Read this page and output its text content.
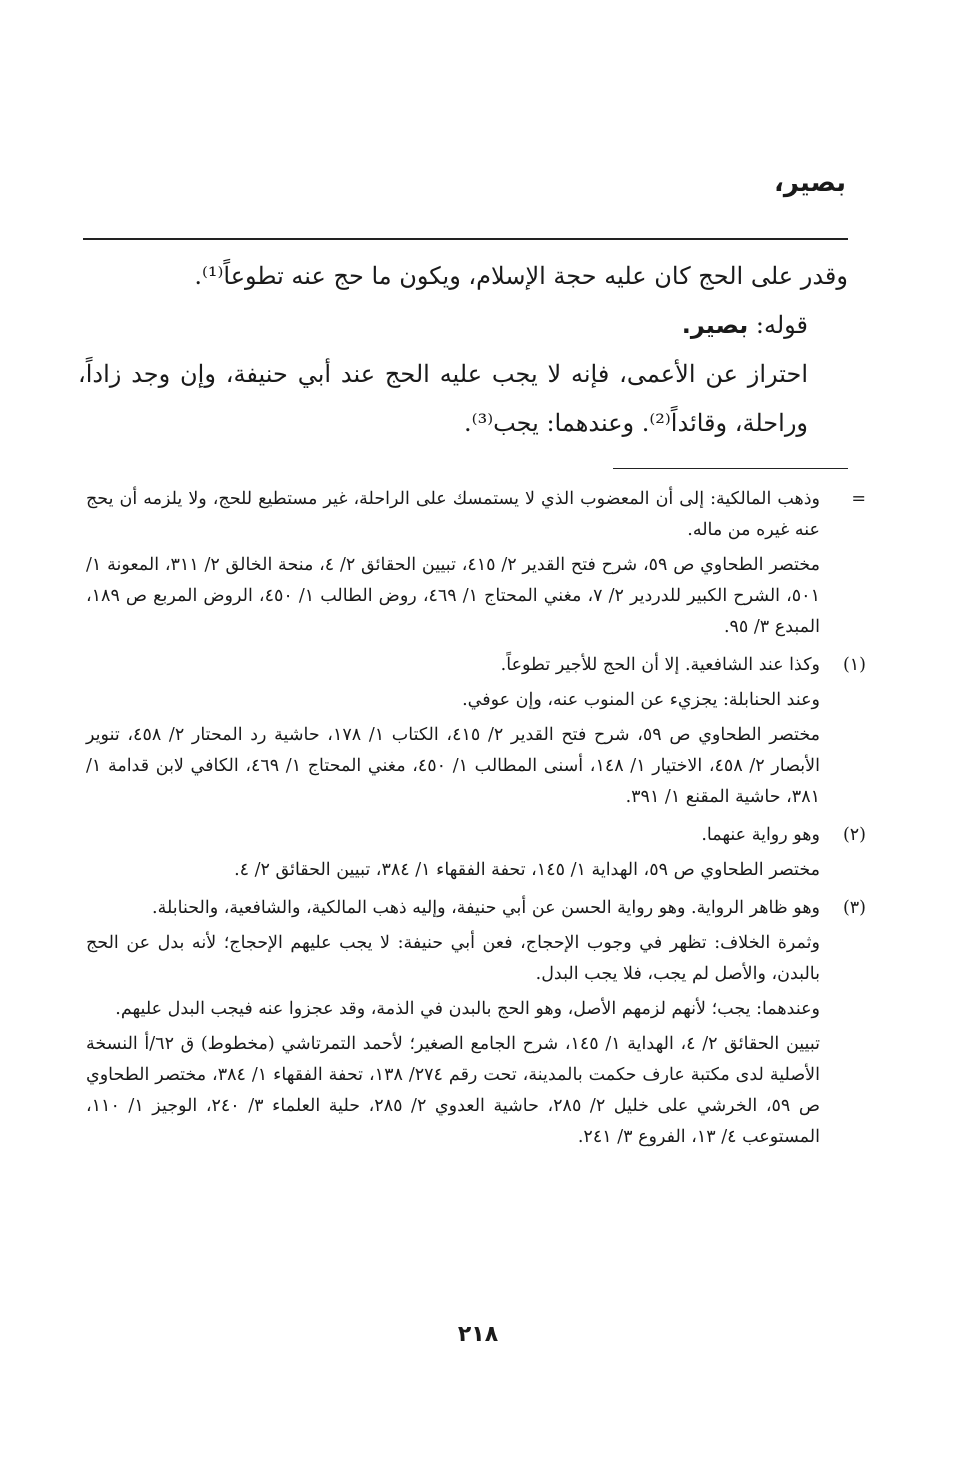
بصير،

وقدر على الحج كان عليه حجة الإسلام، ويكون ما حج عنه تطوعاً⁽¹⁾.

قوله: بصير.

احتراز عن الأعمى، فإنه لا يجب عليه الحج عند أبي حنيفة، وإن وجد زاداً، وراحلة، وقائداً⁽²⁾. وعندهما: يجب⁽³⁾.

=

وذهب المالكية: إلى أن المعضوب الذي لا يستمسك على الراحلة، غير مستطيع للحج، ولا يلزمه أن يحج عنه غيره من ماله.

مختصر الطحاوي ص ٥٩، شرح فتح القدير ٢/ ٤١٥، تبيين الحقائق ٢/ ٤، منحة الخالق ٢/ ٣١١، المعونة ١/ ٥٠١، الشرح الكبير للدردير ٢/ ٧، مغني المحتاج ١/ ٤٦٩، روض الطالب ١/ ٤٥٠، الروض المربع ص ١٨٩، المبدع ٣/ ٩٥.

(١)

وكذا عند الشافعية. إلا أن الحج للأجير تطوعاً.

وعند الحنابلة: يجزيء عن المنوب عنه، وإن عوفي.

مختصر الطحاوي ص ٥٩، شرح فتح القدير ٢/ ٤١٥، الكتاب ١/ ١٧٨، حاشية رد المحتار ٢/ ٤٥٨، تنوير الأبصار ٢/ ٤٥٨، الاختيار ١/ ١٤٨، أسنى المطالب ١/ ٤٥٠، مغني المحتاج ١/ ٤٦٩، الكافي لابن قدامة ١/ ٣٨١، حاشية المقنع ١/ ٣٩١.

(٢)

وهو رواية عنهما.

مختصر الطحاوي ص ٥٩، الهداية ١/ ١٤٥، تحفة الفقهاء ١/ ٣٨٤، تبيين الحقائق ٢/ ٤.

(٣)

وهو ظاهر الرواية. وهو رواية الحسن عن أبي حنيفة، وإليه ذهب المالكية، والشافعية، والحنابلة.

وثمرة الخلاف: تظهر في وجوب الإحجاج، فعن أبي حنيفة: لا يجب عليهم الإحجاج؛ لأنه بدل عن الحج بالبدن، والأصل لم يجب، فلا يجب البدل.

وعندهما: يجب؛ لأنهم لزمهم الأصل، وهو الحج بالبدن في الذمة، وقد عجزوا عنه فيجب البدل عليهم.

تبيين الحقائق ٢/ ٤، الهداية ١/ ١٤٥، شرح الجامع الصغير؛ لأحمد التمرتاشي (مخطوط) ق ٦٢/أ النسخة الأصلية لدى مكتبة عارف حكمت بالمدينة، تحت رقم ٢٧٤/ ١٣٨، تحفة الفقهاء ١/ ٣٨٤، مختصر الطحاوي ص ٥٩، الخرشي على خليل ٢/ ٢٨٥، حاشية العدوي ٢/ ٢٨٥، حلية العلماء ٣/ ٢٤٠، الوجيز ١/ ١١٠، المستوعب ٤/ ١٣، الفروع ٣/ ٢٤١.

٢١٨
